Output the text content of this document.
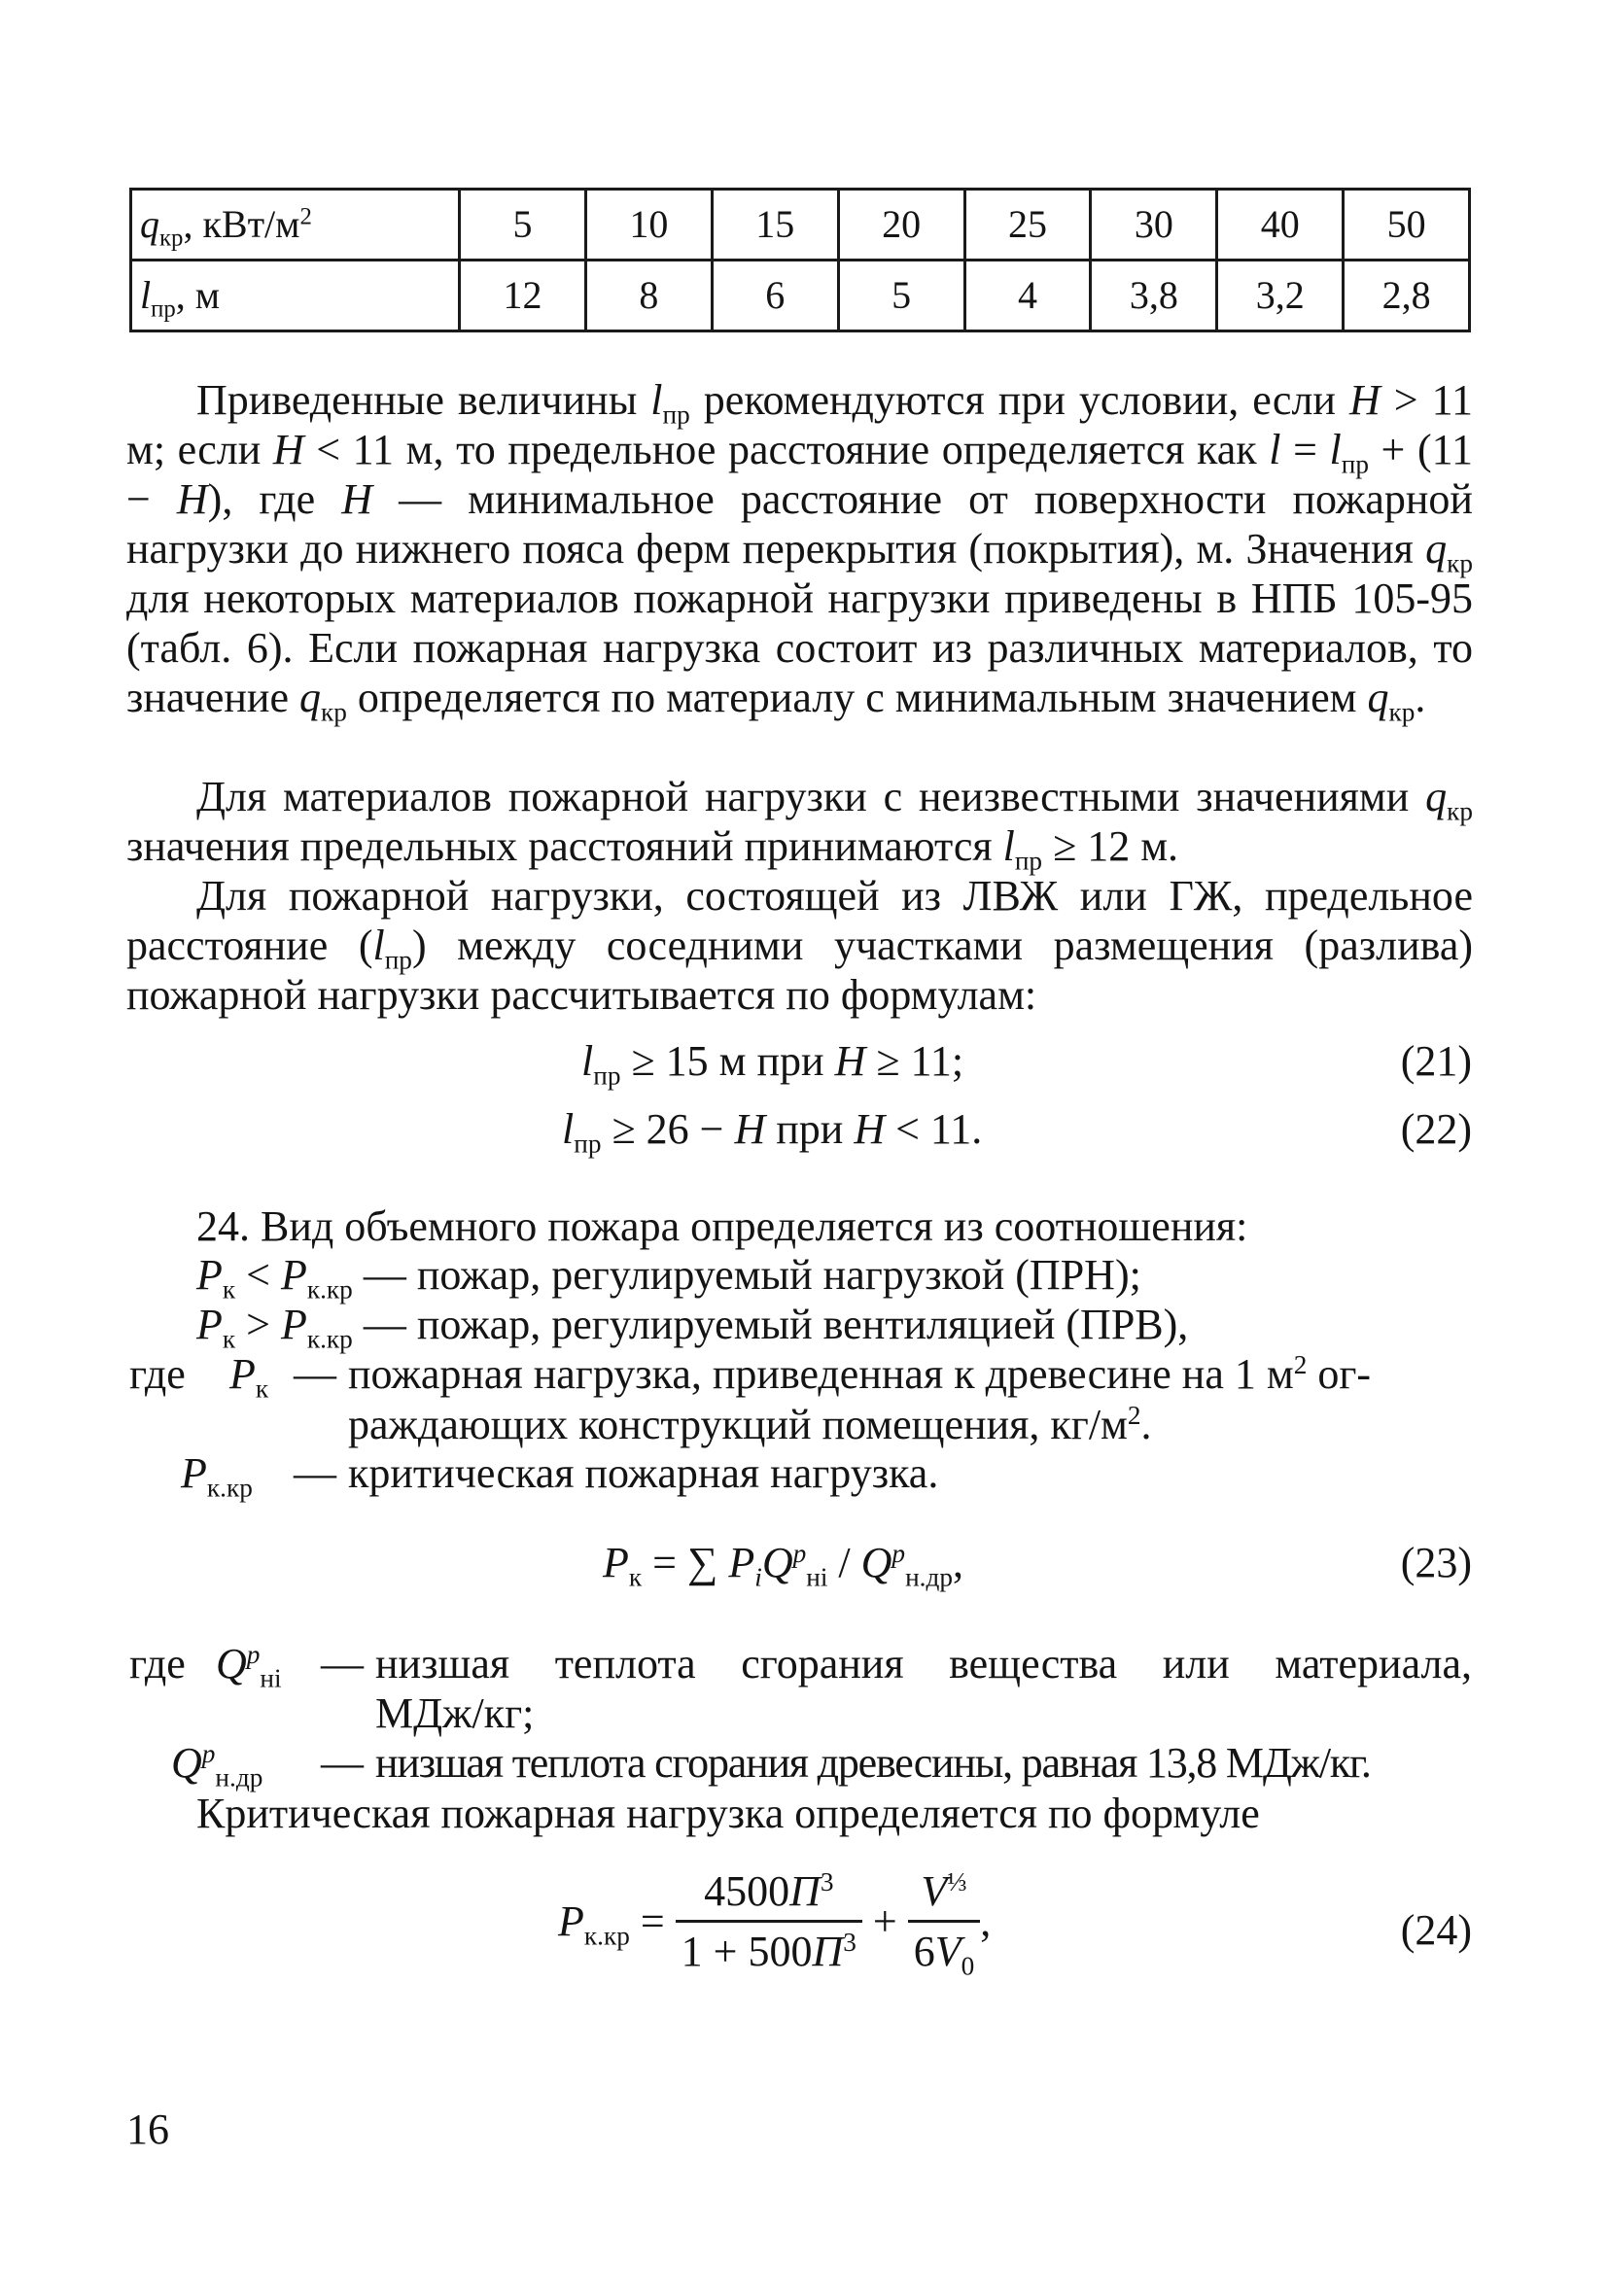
$q_{кр}$, кВт/$м^2$	5	10	15	20	25	30	40	50
$l_{пр}$, м	12	8	6	5	4	3,8	3,2	2,8
Приведенные величины $l_{пр}$ рекомендуются при условии, если H > 11 м; если H < 11 м, то предельное расстояние определяется как $l = l_{пр} + (11 - H)$, где H — минимальное расстояние от поверхности пожарной нагрузки до нижнего пояса ферм перекрытия (покрытия), м. Значения $q_{кр}$ для некоторых материалов пожарной нагрузки приведены в НПБ 105-95 (табл. 6). Если пожарная нагрузка состоит из различных материалов, то значение $q_{кр}$ определяется по материалу с минимальным значением $q_{кр}$.
Для материалов пожарной нагрузки с неизвестными значениями $q_{кр}$ значения предельных расстояний принимаются $l_{пр} \ge 12$ м.
Для пожарной нагрузки, состоящей из ЛВЖ или ГЖ, предельное расстояние $(l_{пр})$ между соседними участками размещения (разлива) пожарной нагрузки рассчитывается по формулам:
$l_{пр} \ge 15$ м при H ≥ 11;	(21)
$l_{пр} \ge 26 - H$ при H < 11.	(22)
24. Вид объемного пожара определяется из соотношения:
$P_к < P_{к.кр}$ — пожар, регулируемый нагрузкой (ПРН);
$P_к > P_{к.кр}$ — пожар, регулируемый вентиляцией (ПРВ),
где $P_к$ — пожарная нагрузка, приведенная к древесине на 1 $м^2$ ог-
раждающих конструкций помещения, $кг/м^2$.
$P_{к.кр}$ — критическая пожарная нагрузка.
$P_к$ = ∑ $P_iQ^p_{нi} / Q^p_{н.др}$,	(23)
где $Q^p_{нi}$ — низшая теплота сгорания вещества или материала,
МДж/кг;
$Q^p_{н.др}$ — низшая теплота сгорания древесины, равная 13,8 МДж/кг.
Критическая пожарная нагрузка определяется по формуле
$P_{к.кр} = \frac{4500П^3}{1 + 500П^3} + \frac{V^{\frac{1}{3}}}{6V_0}$ ,	(24)
16
